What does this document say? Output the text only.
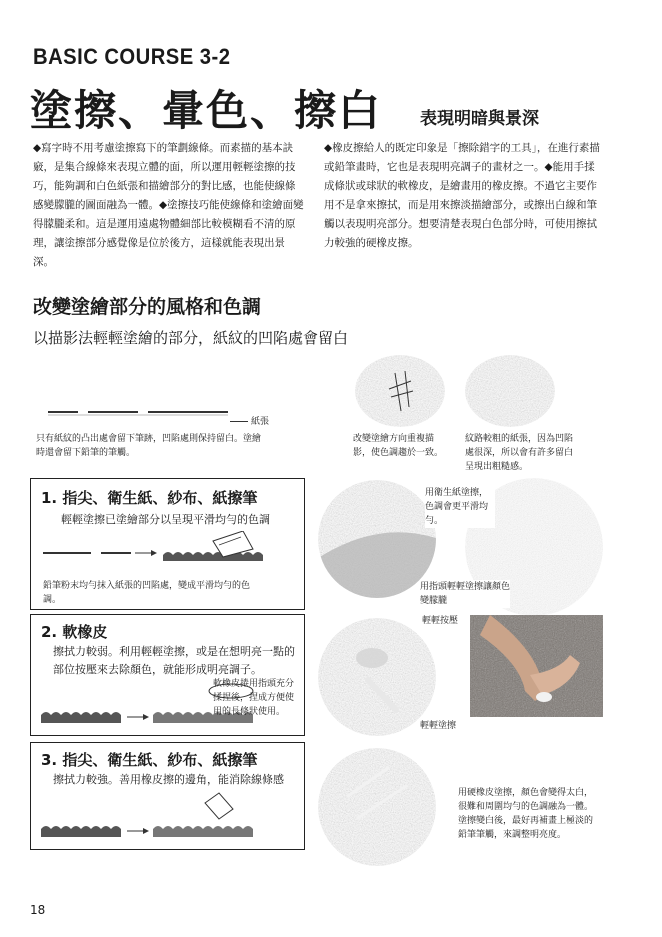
BASIC COURSE 3-2
塗擦、暈色、擦白 表現明暗與景深
◆寫字時不用考慮塗擦寫下的筆劃線條。而素描的基本訣竅，是集合線條來表現立體的面，所以運用輕輕塗擦的技巧，能夠調和白色紙張和描繪部分的對比感，也能使線條感變朦朧的圖面融為一體。◆塗擦技巧能使線條和塗繪面變得朦朧柔和。這是運用遠處物體細部比較模糊看不清的原理，讓塗擦部分感覺像是位於後方，這樣就能表現出景深。
◆橡皮擦給人的既定印象是「擦除錯字的工具」，在進行素描或鉛筆畫時，它也是表現明亮調子的畫材之一。◆能用手揉成條狀或球狀的軟橡皮，是繪畫用的橡皮擦。不過它主要作用不是拿來擦拭，而是用來擦淡描繪部分，或擦出白線和筆觸以表現明亮部分。想要清楚表現白色部分時，可使用擦拭力較強的硬橡皮擦。
改變塗繪部分的風格和色調
以描影法輕輕塗繪的部分，紙紋的凹陷處會留白
紙張
只有紙紋的凸出處會留下筆跡，凹陷處則保持留白。塗繪時還會留下鉛筆的筆觸。
改變塗繪方向重複描影，使色調趨於一致。
紋路較粗的紙張，因為凹陷處很深，所以會有許多留白呈現出粗糙感。
1. 指尖、衛生紙、紗布、紙擦筆
輕輕塗擦已塗繪部分以呈現平滑均勻的色調
鉛筆粉末均勻抹入紙張的凹陷處，變成平滑均勻的色調。
用衛生紙塗擦，色調會更平滑均勻。
用指頭輕輕塗擦讓顏色變朦朧
2. 軟橡皮
擦拭力較弱。利用輕輕塗擦，或是在想明亮一點的部位按壓來去除顏色，就能形成明亮調子。
軟橡皮捲用指頭充分揉捏後，捏成方便使用的長條狀使用。
輕輕按壓
輕輕塗擦
3. 指尖、衛生紙、紗布、紙擦筆
擦拭力較強。善用橡皮擦的邊角，能消除線條感
用硬橡皮塗擦，顏色會變得太白，很難和周圍均勻的色調融為一體。塗擦變白後，最好再補畫上極淡的鉛筆筆觸，來調整明亮度。
18
